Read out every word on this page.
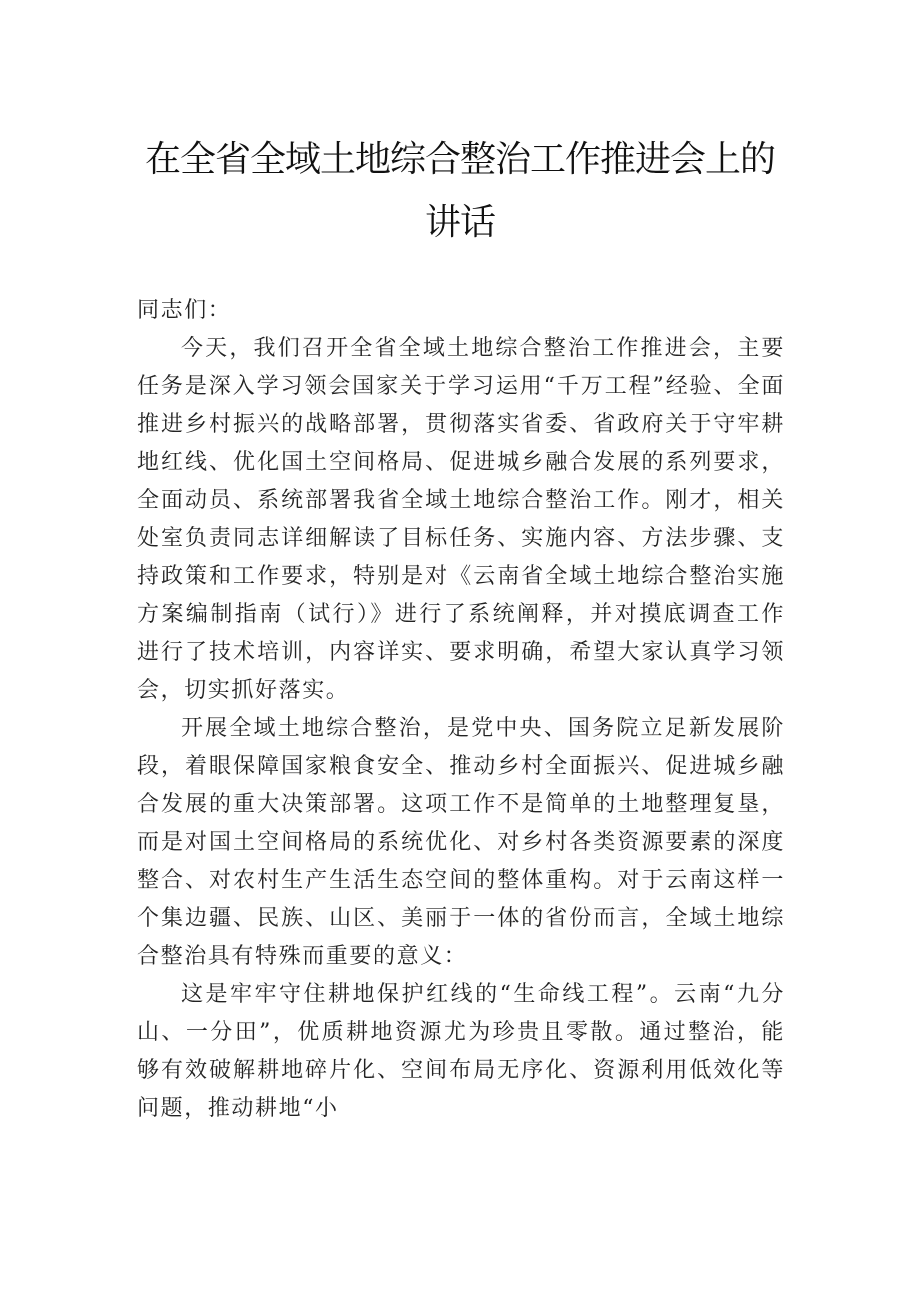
在全省全域土地综合整治工作推进会上的讲话

同志们：

今天，我们召开全省全域土地综合整治工作推进会，主要任务是深入学习领会国家关于学习运用“千万工程”经验、全面推进乡村振兴的战略部署，贯彻落实省委、省政府关于守牢耕地红线、优化国土空间格局、促进城乡融合发展的系列要求，全面动员、系统部署我省全域土地综合整治工作。刚才，相关处室负责同志详细解读了目标任务、实施内容、方法步骤、支持政策和工作要求，特别是对《云南省全域土地综合整治实施方案编制指南（试行）》进行了系统阐释，并对摸底调查工作进行了技术培训，内容详实、要求明确，希望大家认真学习领会，切实抓好落实。

开展全域土地综合整治，是党中央、国务院立足新发展阶段，着眼保障国家粮食安全、推动乡村全面振兴、促进城乡融合发展的重大决策部署。这项工作不是简单的土地整理复垦，而是对国土空间格局的系统优化、对乡村各类资源要素的深度整合、对农村生产生活生态空间的整体重构。对于云南这样一个集边疆、民族、山区、美丽于一体的省份而言，全域土地综合整治具有特殊而重要的意义：

这是牢牢守住耕地保护红线的“生命线工程”。云南“九分山、一分田”，优质耕地资源尤为珍贵且零散。通过整治，能够有效破解耕地碎片化、空间布局无序化、资源利用低效化等问题，推动耕地“小
